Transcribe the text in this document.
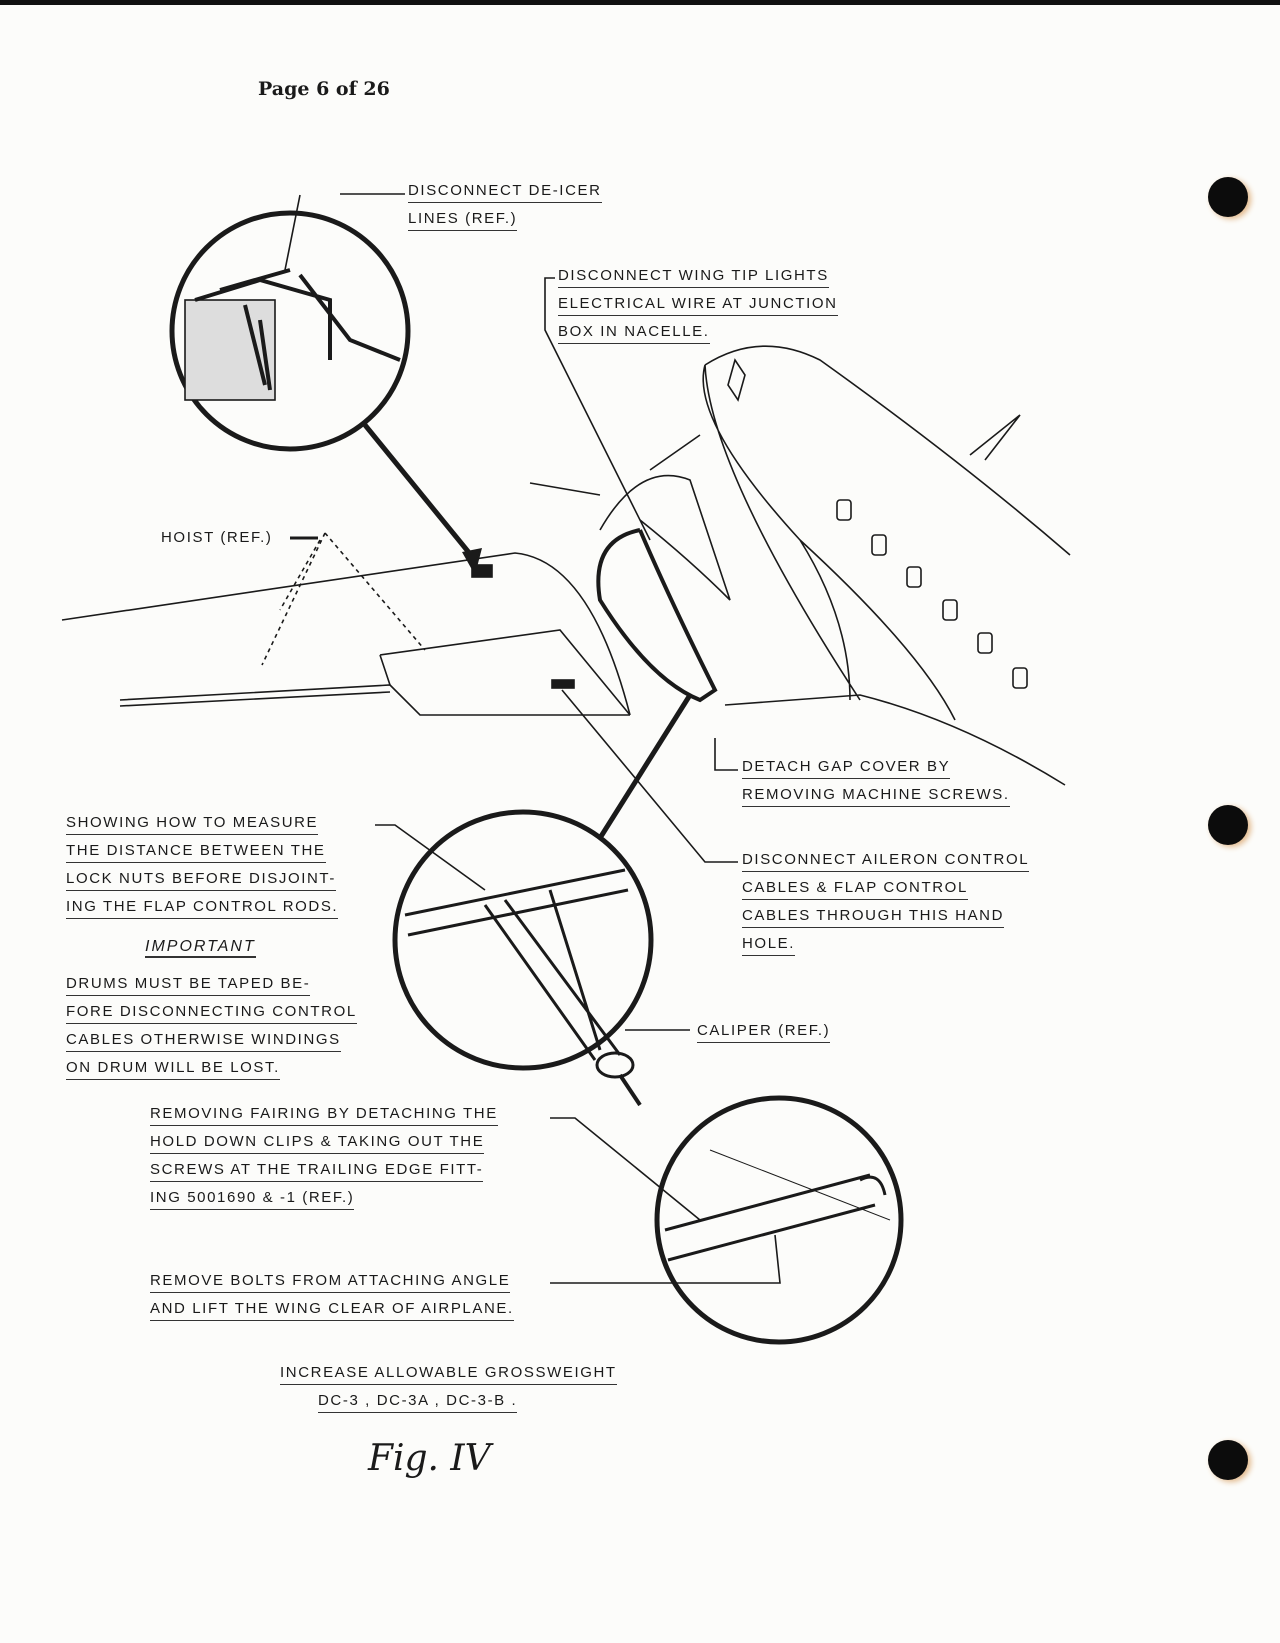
Page 6 of 26
DISCONNECT DE-ICER
LINES (REF.)
DISCONNECT WING TIP LIGHTS
ELECTRICAL WIRE AT JUNCTION
BOX IN NACELLE.
HOIST (REF.)
DETACH GAP COVER BY
REMOVING MACHINE SCREWS.
SHOWING HOW TO MEASURE
THE DISTANCE BETWEEN THE
LOCK NUTS BEFORE DISJOINT-
ING THE FLAP CONTROL RODS.
IMPORTANT
DRUMS MUST BE TAPED BE-
FORE DISCONNECTING CONTROL
CABLES OTHERWISE WINDINGS
ON DRUM WILL BE LOST.
DISCONNECT AILERON CONTROL
CABLES & FLAP CONTROL
CABLES THROUGH THIS HAND
HOLE.
CALIPER (REF.)
REMOVING FAIRING BY DETACHING THE
HOLD DOWN CLIPS & TAKING OUT THE
SCREWS AT THE TRAILING EDGE FITT-
ING 5001690 & -1 (REF.)
REMOVE BOLTS FROM ATTACHING ANGLE
AND LIFT THE WING CLEAR OF AIRPLANE.
INCREASE ALLOWABLE GROSSWEIGHT
DC-3 , DC-3A , DC-3-B .
Fig. IV
